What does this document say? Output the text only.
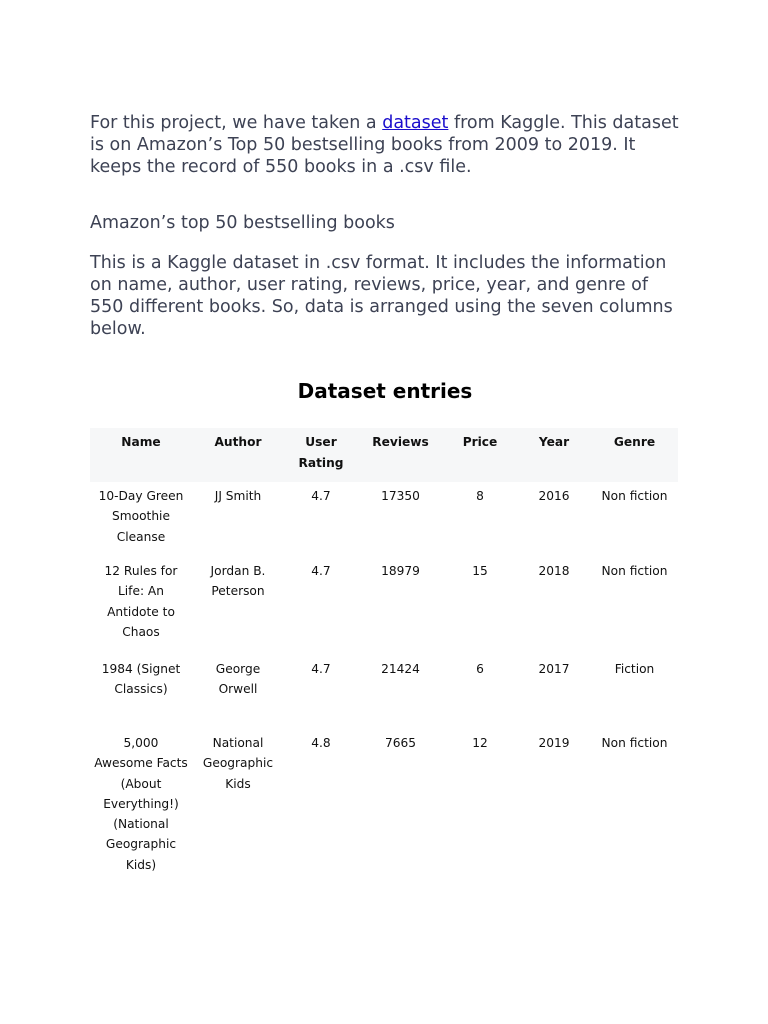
For this project, we have taken a dataset from Kaggle. This dataset is on Amazon’s Top 50 bestselling books from 2009 to 2019. It keeps the record of 550 books in a .csv file.

Amazon’s top 50 bestselling books

This is a Kaggle dataset in .csv format. It includes the information on name, author, user rating, reviews, price, year, and genre of 550 different books. So, data is arranged using the seven columns below.

Dataset entries
Name	Author	User Rating	Reviews	Price	Year	Genre
10-Day Green Smoothie Cleanse	JJ Smith	4.7	17350	8	2016	Non fiction
12 Rules for Life: An Antidote to Chaos	Jordan B. Peterson	4.7	18979	15	2018	Non fiction
1984 (Signet Classics)	George Orwell	4.7	21424	6	2017	Fiction
5,000 Awesome Facts (About Everything!) (National Geographic Kids)	National Geographic Kids	4.8	7665	12	2019	Non fiction
